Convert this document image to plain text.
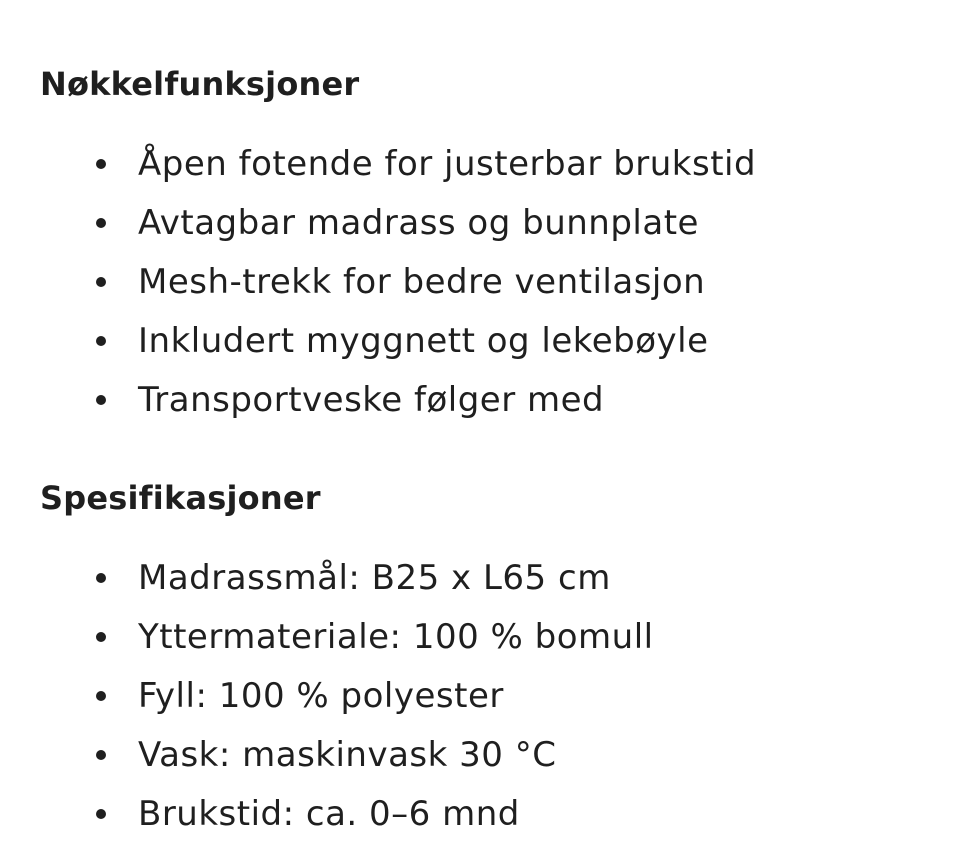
Nøkkelfunksjoner
Åpen fotende for justerbar brukstid
Avtagbar madrass og bunnplate
Mesh-trekk for bedre ventilasjon
Inkludert myggnett og lekebøyle
Transportveske følger med
Spesifikasjoner
Madrassmål: B25 x L65 cm
Yttermateriale: 100 % bomull
Fyll: 100 % polyester
Vask: maskinvask 30 °C
Brukstid: ca. 0–6 mnd
